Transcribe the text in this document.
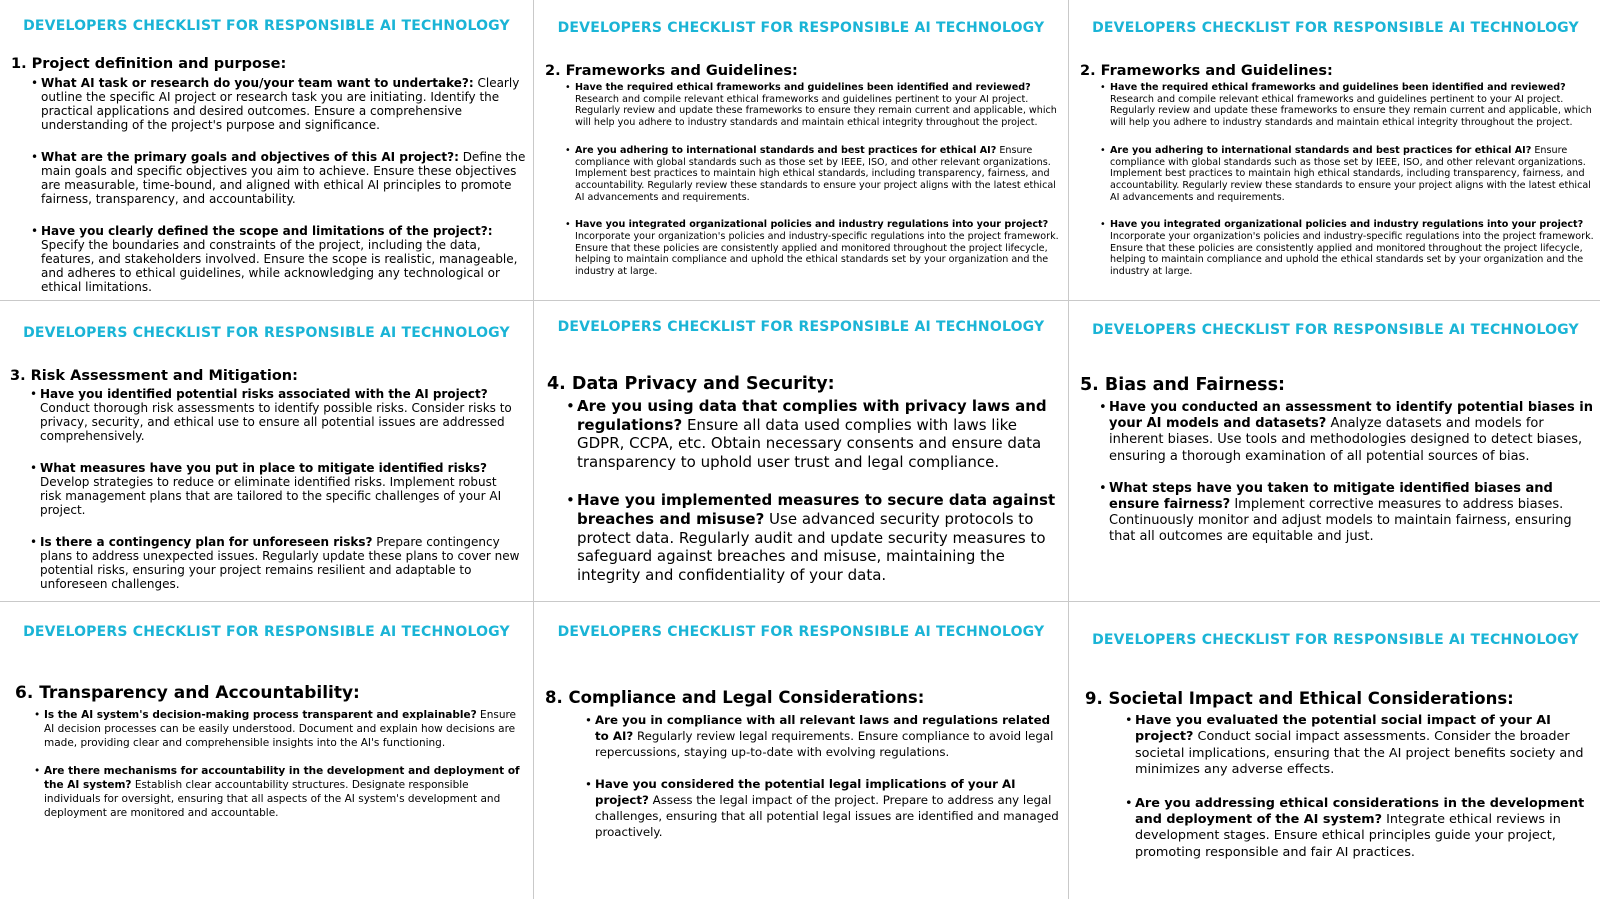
DEVELOPERS CHECKLIST FOR RESPONSIBLE AI TECHNOLOGY
1. Project definition and purpose:
• What AI task or research do you/your team want to undertake?: Clearly outline the specific AI project or research task you are initiating. Identify the practical applications and desired outcomes. Ensure a comprehensive understanding of the project's purpose and significance.
• What are the primary goals and objectives of this AI project?: Define the main goals and specific objectives you aim to achieve. Ensure these objectives are measurable, time-bound, and aligned with ethical AI principles to promote fairness, transparency, and accountability.
• Have you clearly defined the scope and limitations of the project?: Specify the boundaries and constraints of the project, including the data, features, and stakeholders involved. Ensure the scope is realistic, manageable, and adheres to ethical guidelines, while acknowledging any technological or ethical limitations.
DEVELOPERS CHECKLIST FOR RESPONSIBLE AI TECHNOLOGY
2. Frameworks and Guidelines:
• Have the required ethical frameworks and guidelines been identified and reviewed? Research and compile relevant ethical frameworks and guidelines pertinent to your AI project. Regularly review and update these frameworks to ensure they remain current and applicable, which will help you adhere to industry standards and maintain ethical integrity throughout the project.
• Are you adhering to international standards and best practices for ethical AI? Ensure compliance with global standards such as those set by IEEE, ISO, and other relevant organizations. Implement best practices to maintain high ethical standards, including transparency, fairness, and accountability. Regularly review these standards to ensure your project aligns with the latest ethical AI advancements and requirements.
• Have you integrated organizational policies and industry regulations into your project? Incorporate your organization's policies and industry-specific regulations into the project framework. Ensure that these policies are consistently applied and monitored throughout the project lifecycle, helping to maintain compliance and uphold the ethical standards set by your organization and the industry at large.
DEVELOPERS CHECKLIST FOR RESPONSIBLE AI TECHNOLOGY
2. Frameworks and Guidelines:
• Have the required ethical frameworks and guidelines been identified and reviewed? Research and compile relevant ethical frameworks and guidelines pertinent to your AI project. Regularly review and update these frameworks to ensure they remain current and applicable, which will help you adhere to industry standards and maintain ethical integrity throughout the project.
• Are you adhering to international standards and best practices for ethical AI? Ensure compliance with global standards such as those set by IEEE, ISO, and other relevant organizations. Implement best practices to maintain high ethical standards, including transparency, fairness, and accountability. Regularly review these standards to ensure your project aligns with the latest ethical AI advancements and requirements.
• Have you integrated organizational policies and industry regulations into your project? Incorporate your organization's policies and industry-specific regulations into the project framework. Ensure that these policies are consistently applied and monitored throughout the project lifecycle, helping to maintain compliance and uphold the ethical standards set by your organization and the industry at large.
DEVELOPERS CHECKLIST FOR RESPONSIBLE AI TECHNOLOGY
3. Risk Assessment and Mitigation:
• Have you identified potential risks associated with the AI project? Conduct thorough risk assessments to identify possible risks. Consider risks to privacy, security, and ethical use to ensure all potential issues are addressed comprehensively.
• What measures have you put in place to mitigate identified risks? Develop strategies to reduce or eliminate identified risks. Implement robust risk management plans that are tailored to the specific challenges of your AI project.
• Is there a contingency plan for unforeseen risks? Prepare contingency plans to address unexpected issues. Regularly update these plans to cover new potential risks, ensuring your project remains resilient and adaptable to unforeseen challenges.
DEVELOPERS CHECKLIST FOR RESPONSIBLE AI TECHNOLOGY
4. Data Privacy and Security:
• Are you using data that complies with privacy laws and regulations? Ensure all data used complies with laws like GDPR, CCPA, etc. Obtain necessary consents and ensure data transparency to uphold user trust and legal compliance.
• Have you implemented measures to secure data against breaches and misuse? Use advanced security protocols to protect data. Regularly audit and update security measures to safeguard against breaches and misuse, maintaining the integrity and confidentiality of your data.
DEVELOPERS CHECKLIST FOR RESPONSIBLE AI TECHNOLOGY
5. Bias and Fairness:
• Have you conducted an assessment to identify potential biases in your AI models and datasets? Analyze datasets and models for inherent biases. Use tools and methodologies designed to detect biases, ensuring a thorough examination of all potential sources of bias.
• What steps have you taken to mitigate identified biases and ensure fairness? Implement corrective measures to address biases. Continuously monitor and adjust models to maintain fairness, ensuring that all outcomes are equitable and just.
DEVELOPERS CHECKLIST FOR RESPONSIBLE AI TECHNOLOGY
6. Transparency and Accountability:
• Is the AI system's decision-making process transparent and explainable? Ensure AI decision processes can be easily understood. Document and explain how decisions are made, providing clear and comprehensible insights into the AI's functioning.
• Are there mechanisms for accountability in the development and deployment of the AI system? Establish clear accountability structures. Designate responsible individuals for oversight, ensuring that all aspects of the AI system's development and deployment are monitored and accountable.
DEVELOPERS CHECKLIST FOR RESPONSIBLE AI TECHNOLOGY
8. Compliance and Legal Considerations:
• Are you in compliance with all relevant laws and regulations related to AI? Regularly review legal requirements. Ensure compliance to avoid legal repercussions, staying up-to-date with evolving regulations.
• Have you considered the potential legal implications of your AI project? Assess the legal impact of the project. Prepare to address any legal challenges, ensuring that all potential legal issues are identified and managed proactively.
DEVELOPERS CHECKLIST FOR RESPONSIBLE AI TECHNOLOGY
9. Societal Impact and Ethical Considerations:
• Have you evaluated the potential social impact of your AI project? Conduct social impact assessments. Consider the broader societal implications, ensuring that the AI project benefits society and minimizes any adverse effects.
• Are you addressing ethical considerations in the development and deployment of the AI system? Integrate ethical reviews in development stages. Ensure ethical principles guide your project, promoting responsible and fair AI practices.
